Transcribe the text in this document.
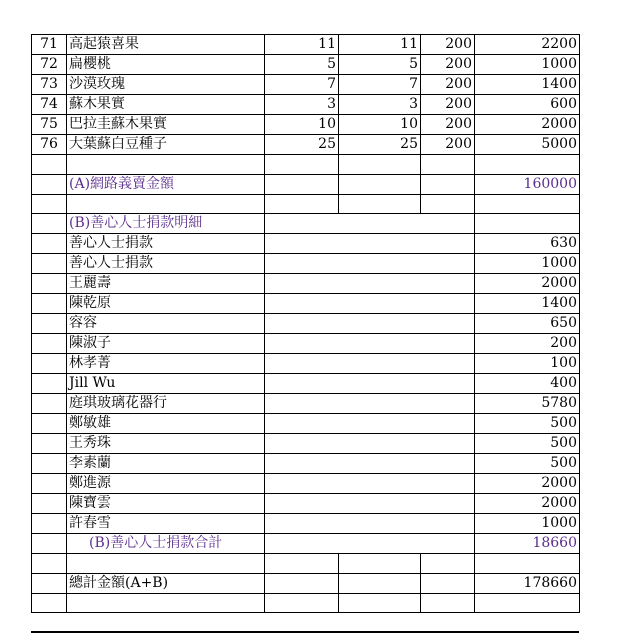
71	高起猿喜果	11	11	200	2200
72	扁櫻桃	5	5	200	1000
73	沙漠玫瑰	7	7	200	1400
74	蘇木果實	3	3	200	600
75	巴拉圭蘇木果實	10	10	200	2000
76	大葉蘇白豆種子	25	25	200	5000

	(A)網路義賣金額				160000

	(B)善心人士捐款明細				
	善心人士捐款				630
	善心人士捐款				1000
	王麗壽				2000
	陳乾原				1400
	容容				650
	陳淑子				200
	林孝菁				100
	Jill Wu				400
	庭琪玻璃花器行				5780
	鄭敏雄				500
	王秀珠				500
	李素蘭				500
	鄭進源				2000
	陳寶雲				2000
	許春雪				1000
	(B)善心人士捐款合計				18660

	總計金額(A+B)				178660
